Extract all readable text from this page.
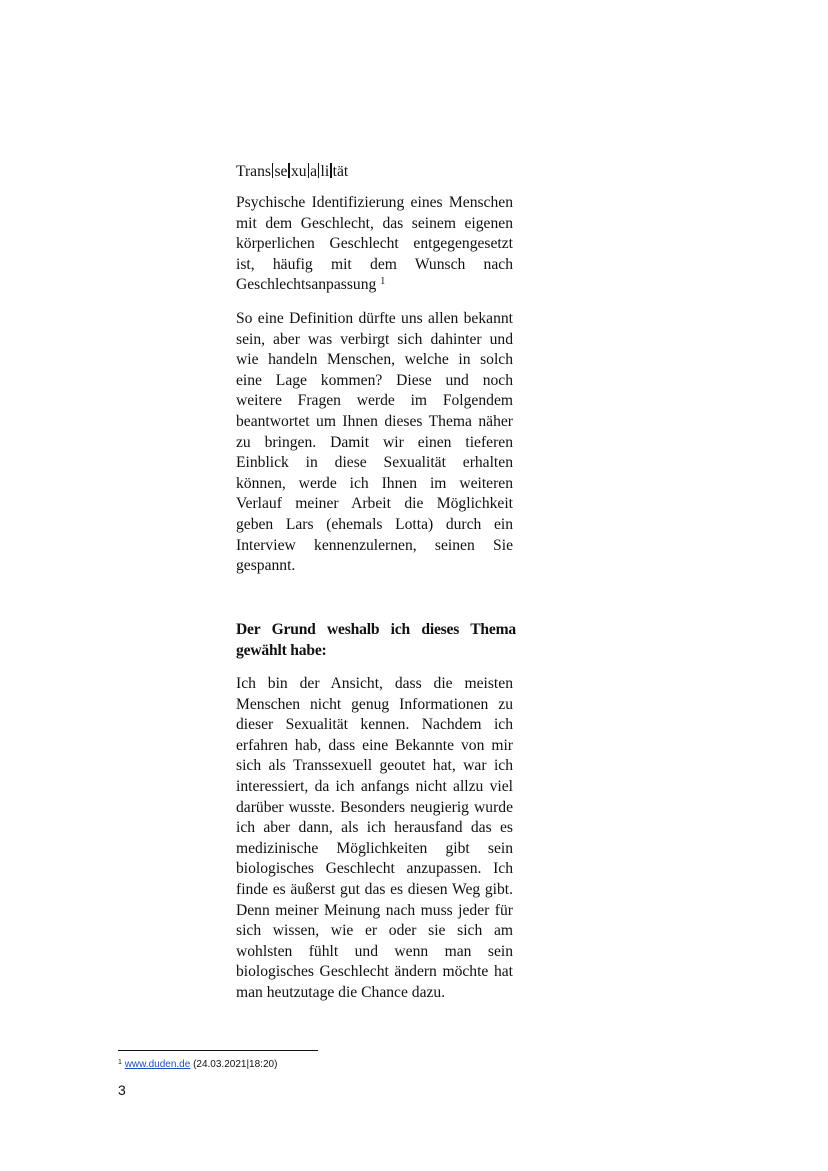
Trans se xu a li tät
Psychische Identifizierung eines Menschen mit dem Geschlecht, das seinem eigenen körperlichen Geschlecht entgegengesetzt ist, häufig mit dem Wunsch nach Geschlechtsanpassung $^1$
So eine Definition dürfte uns allen bekannt sein, aber was verbirgt sich dahinter und wie handeln Menschen, welche in solch eine Lage kommen? Diese und noch weitere Fragen werde im Folgendem beantwortet um Ihnen dieses Thema näher zu bringen. Damit wir einen tieferen Einblick in diese Sexualität erhalten können, werde ich Ihnen im weiteren Verlauf meiner Arbeit die Möglichkeit geben Lars (ehemals Lotta) durch ein Interview kennenzulernen, seinen Sie gespannt.
Der Grund weshalb ich dieses Thema gewählt habe:
Ich bin der Ansicht, dass die meisten Menschen nicht genug Informationen zu dieser Sexualität kennen. Nachdem ich erfahren hab, dass eine Bekannte von mir sich als Transsexuell geoutet hat, war ich interessiert, da ich anfangs nicht allzu viel darüber wusste. Besonders neugierig wurde ich aber dann, als ich herausfand das es medizinische Möglichkeiten gibt sein biologisches Geschlecht anzupassen. Ich finde es äußerst gut das es diesen Weg gibt. Denn meiner Meinung nach muss jeder für sich wissen, wie er oder sie sich am wohlsten fühlt und wenn man sein biologisches Geschlecht ändern möchte hat man heutzutage die Chance dazu.
$^1$ www.duden.de (24.03.2021|18:20)
3
